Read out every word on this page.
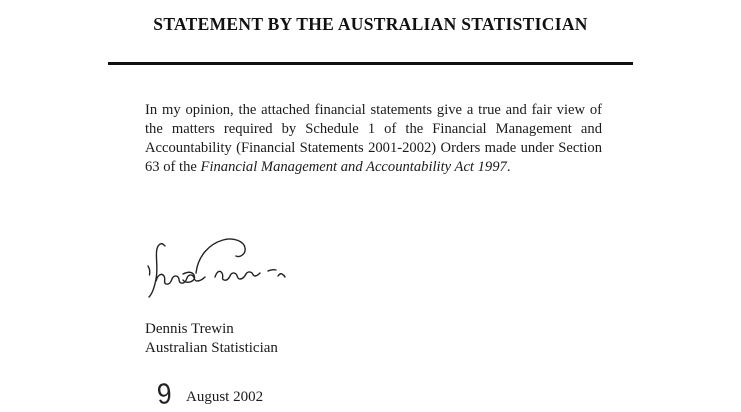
STATEMENT BY THE AUSTRALIAN STATISTICIAN

In my opinion, the attached financial statements give a true and fair view of the matters required by Schedule 1 of the Financial Management and Accountability (Financial Statements 2001-2002) Orders made under Section 63 of the Financial Management and Accountability Act 1997.

Dennis Trewin
Australian Statistician
9 August 2002
